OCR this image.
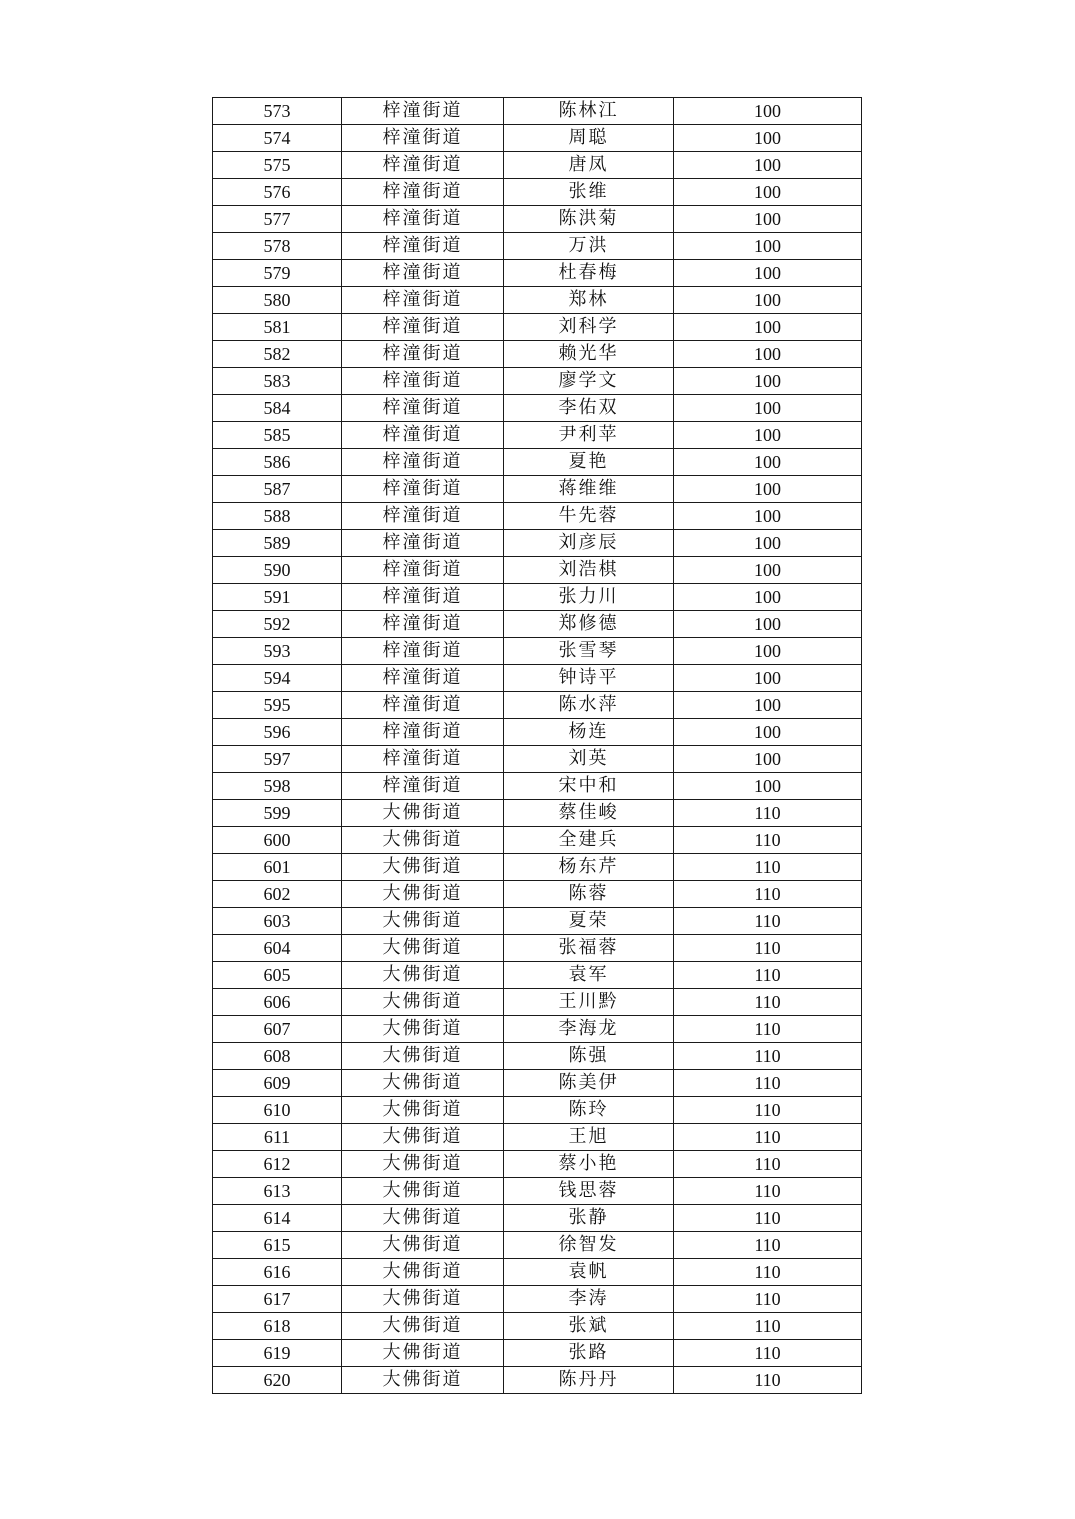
573	梓潼街道	陈林江	100
574	梓潼街道	周聪	100
575	梓潼街道	唐凤	100
576	梓潼街道	张维	100
577	梓潼街道	陈洪菊	100
578	梓潼街道	万洪	100
579	梓潼街道	杜春梅	100
580	梓潼街道	郑林	100
581	梓潼街道	刘科学	100
582	梓潼街道	赖光华	100
583	梓潼街道	廖学文	100
584	梓潼街道	李佑双	100
585	梓潼街道	尹利苹	100
586	梓潼街道	夏艳	100
587	梓潼街道	蒋维维	100
588	梓潼街道	牛先蓉	100
589	梓潼街道	刘彦辰	100
590	梓潼街道	刘浩棋	100
591	梓潼街道	张力川	100
592	梓潼街道	郑修德	100
593	梓潼街道	张雪琴	100
594	梓潼街道	钟诗平	100
595	梓潼街道	陈水萍	100
596	梓潼街道	杨连	100
597	梓潼街道	刘英	100
598	梓潼街道	宋中和	100
599	大佛街道	蔡佳峻	110
600	大佛街道	全建兵	110
601	大佛街道	杨东芹	110
602	大佛街道	陈蓉	110
603	大佛街道	夏荣	110
604	大佛街道	张福蓉	110
605	大佛街道	袁军	110
606	大佛街道	王川黔	110
607	大佛街道	李海龙	110
608	大佛街道	陈强	110
609	大佛街道	陈美伊	110
610	大佛街道	陈玲	110
611	大佛街道	王旭	110
612	大佛街道	蔡小艳	110
613	大佛街道	钱思蓉	110
614	大佛街道	张静	110
615	大佛街道	徐智发	110
616	大佛街道	袁帆	110
617	大佛街道	李涛	110
618	大佛街道	张斌	110
619	大佛街道	张路	110
620	大佛街道	陈丹丹	110
